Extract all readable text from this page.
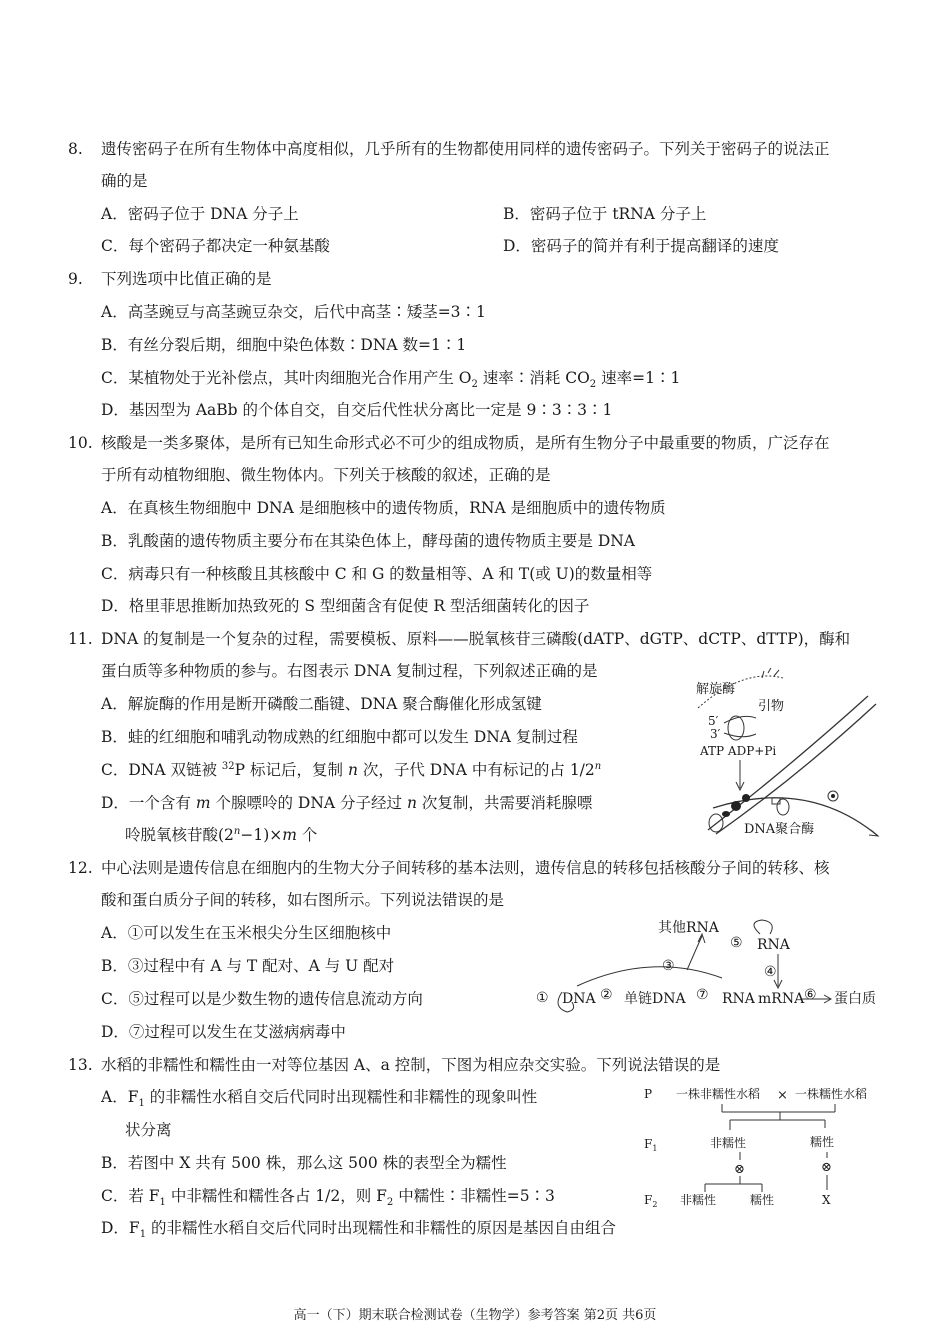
8. 遗传密码子在所有生物体中高度相似，几乎所有的生物都使用同样的遗传密码子。下列关于密码子的说法正
确的是
A．密码子位于 DNA 分子上	B．密码子位于 tRNA 分子上
C．每个密码子都决定一种氨基酸	D．密码子的简并有利于提高翻译的速度
9. 下列选项中比值正确的是
A．高茎豌豆与高茎豌豆杂交，后代中高茎∶矮茎=3∶1
B．有丝分裂后期，细胞中染色体数∶DNA 数=1∶1
C．某植物处于光补偿点，其叶肉细胞光合作用产生 $O_2$ 速率∶消耗 $CO_2$ 速率=1∶1
D．基因型为 AaBb 的个体自交，自交后代性状分离比一定是 9∶3∶3∶1
10. 核酸是一类多聚体，是所有已知生命形式必不可少的组成物质，是所有生物分子中最重要的物质，广泛存在
于所有动植物细胞、微生物体内。下列关于核酸的叙述，正确的是
A．在真核生物细胞中 DNA 是细胞核中的遗传物质，RNA 是细胞质中的遗传物质
B．乳酸菌的遗传物质主要分布在其染色体上，酵母菌的遗传物质主要是 DNA
C．病毒只有一种核酸且其核酸中 C 和 G 的数量相等、A 和 T(或 U)的数量相等
D．格里菲思推断加热致死的 S 型细菌含有促使 R 型活细菌转化的因子
11. DNA 的复制是一个复杂的过程，需要模板、原料——脱氧核苷三磷酸(dATP、dGTP、dCTP、dTTP)，酶和
蛋白质等多种物质的参与。右图表示 DNA 复制过程，下列叙述正确的是
A．解旋酶的作用是断开磷酸二酯键、DNA 聚合酶催化形成氢键
B．蛙的红细胞和哺乳动物成熟的红细胞中都可以发生 DNA 复制过程
C．DNA 双链被 $^{32}$P 标记后，复制 n 次，子代 DNA 中有标记的占 1/2$^n$
D．一个含有 m 个腺嘌呤的 DNA 分子经过 n 次复制，共需要消耗腺嘌
呤脱氧核苷酸$(2^n-1)\times m$ 个
解旋酶
引物
5′
3′
ATP ADP+Pi
DNA聚合酶
12. 中心法则是遗传信息在细胞内的生物大分子间转移的基本法则，遗传信息的转移包括核酸分子间的转移、核
酸和蛋白质分子间的转移，如右图所示。下列说法错误的是
A．①可以发生在玉米根尖分生区细胞核中
B．③过程中有 A 与 T 配对、A 与 U 配对
C．⑤过程可以是少数生物的遗传信息流动方向
D．⑦过程可以发生在艾滋病病毒中
其他RNA
⑤ RNA
③	④
① DNA ② 单链DNA ⑦ RNA mRNA ⑥ 蛋白质
13. 水稻的非糯性和糯性由一对等位基因 A、a 控制，下图为相应杂交实验。下列说法错误的是
A．$F_1$ 的非糯性水稻自交后代同时出现糯性和非糯性的现象叫性
状分离
B．若图中 X 共有 500 株，那么这 500 株的表型全为糯性
C．若 $F_1$ 中非糯性和糯性各占 1/2，则 $F_2$ 中糯性∶非糯性=5∶3
D．$F_1$ 的非糯性水稻自交后代同时出现糯性和非糯性的原因是基因自由组合
P 一株非糯性水稻 × 一株糯性水稻
$F_1$	非糯性	糯性
⊗	⊗
$F_2$ 非糯性	糯性	X
高一（下）期末联合检测试卷（生物学）参考答案 第2页 共6页
